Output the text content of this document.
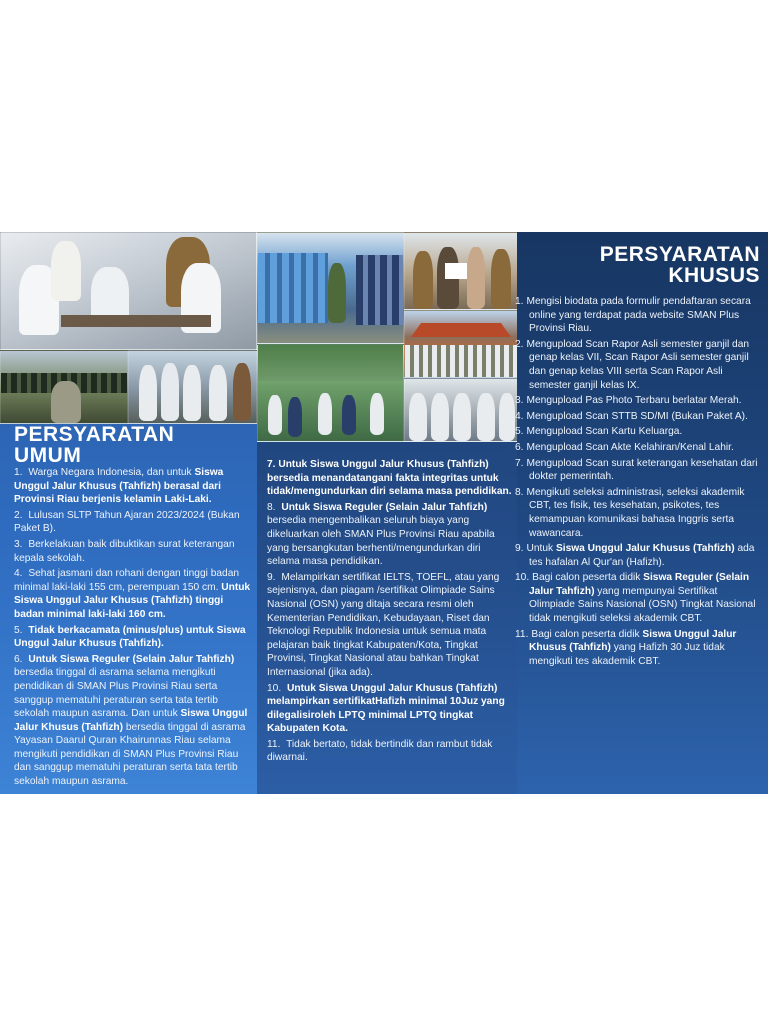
PERSYARATAN
UMUM
1. Warga Negara Indonesia, dan untuk Siswa Unggul Jalur Khusus (Tahfizh) berasal dari Provinsi Riau berjenis kelamin Laki-Laki.
2. Lulusan SLTP Tahun Ajaran 2023/2024 (Bukan Paket B).
3. Berkelakuan baik dibuktikan surat keterangan kepala sekolah.
4. Sehat jasmani dan rohani dengan tinggi badan minimal laki-laki 155 cm, perempuan 150 cm. Untuk Siswa Unggul Jalur Khusus (Tahfizh) tinggi badan minimal laki-laki 160 cm.
5. Tidak berkacamata (minus/plus) untuk Siswa Unggul Jalur Khusus (Tahfizh).
6. Untuk Siswa Reguler (Selain Jalur Tahfizh) bersedia tinggal di asrama selama mengikuti pendidikan di SMAN Plus Provinsi Riau serta sanggup mematuhi peraturan serta tata tertib sekolah maupun asrama. Dan untuk Siswa Unggul Jalur Khusus (Tahfizh) bersedia tinggal di asrama Yayasan Daarul Quran Khairunnas Riau selama mengikuti pendidikan di SMAN Plus Provinsi Riau dan sanggup mematuhi peraturan serta tata tertib sekolah maupun asrama.
7. Untuk Siswa Unggul Jalur Khusus (Tahfizh) bersedia menandatangani fakta integritas untuk tidak/mengundurkan diri selama masa pendidikan.
8. Untuk Siswa Reguler (Selain Jalur Tahfizh) bersedia mengembalikan seluruh biaya yang dikeluarkan oleh SMAN Plus Provinsi Riau apabila yang bersangkutan berhenti/mengundurkan diri selama masa pendidikan.
9. Melampirkan sertifikat IELTS, TOEFL, atau yang sejenisnya, dan piagam /sertifikat Olimpiade Sains Nasional (OSN) yang ditaja secara resmi oleh Kementerian Pendidikan, Kebudayaan, Riset dan Teknologi Republik Indonesia untuk semua mata pelajaran baik tingkat Kabupaten/Kota, Tingkat Provinsi, Tingkat Nasional atau bahkan Tingkat Internasional (jika ada).
10. Untuk Siswa Unggul Jalur Khusus (Tahfizh) melampirkan sertifikatHafizh minimal 10Juz yang dilegalisiroleh LPTQ minimal LPTQ tingkat Kabupaten Kota.
11. Tidak bertato, tidak bertindik dan rambut tidak diwarnai.
PERSYARATAN
KHUSUS
1. Mengisi biodata pada formulir pendaftaran secara online yang terdapat pada website SMAN Plus Provinsi Riau.
2. Mengupload Scan Rapor Asli semester ganjil dan genap kelas VII, Scan Rapor Asli semester ganjil dan genap kelas VIII serta Scan Rapor Asli semester ganjil kelas IX.
3. Mengupload Pas Photo Terbaru berlatar Merah.
4. Mengupload Scan STTB SD/MI (Bukan Paket A).
5. Mengupload Scan Kartu Keluarga.
6. Mengupload Scan Akte Kelahiran/Kenal Lahir.
7. Mengupload Scan surat keterangan kesehatan dari dokter pemerintah.
8. Mengikuti seleksi administrasi, seleksi akademik CBT, tes fisik, tes kesehatan, psikotes, tes kemampuan komunikasi bahasa Inggris serta wawancara.
9. Untuk Siswa Unggul Jalur Khusus (Tahfizh) ada tes hafalan Al Qur'an (Hafizh).
10. Bagi calon peserta didik Siswa Reguler (Selain Jalur Tahfizh) yang mempunyai Sertifikat Olimpiade Sains Nasional (OSN) Tingkat Nasional tidak mengikuti seleksi akademik CBT.
11. Bagi calon peserta didik Siswa Unggul Jalur Khusus (Tahfizh) yang Hafizh 30 Juz tidak mengikuti tes akademik CBT.
